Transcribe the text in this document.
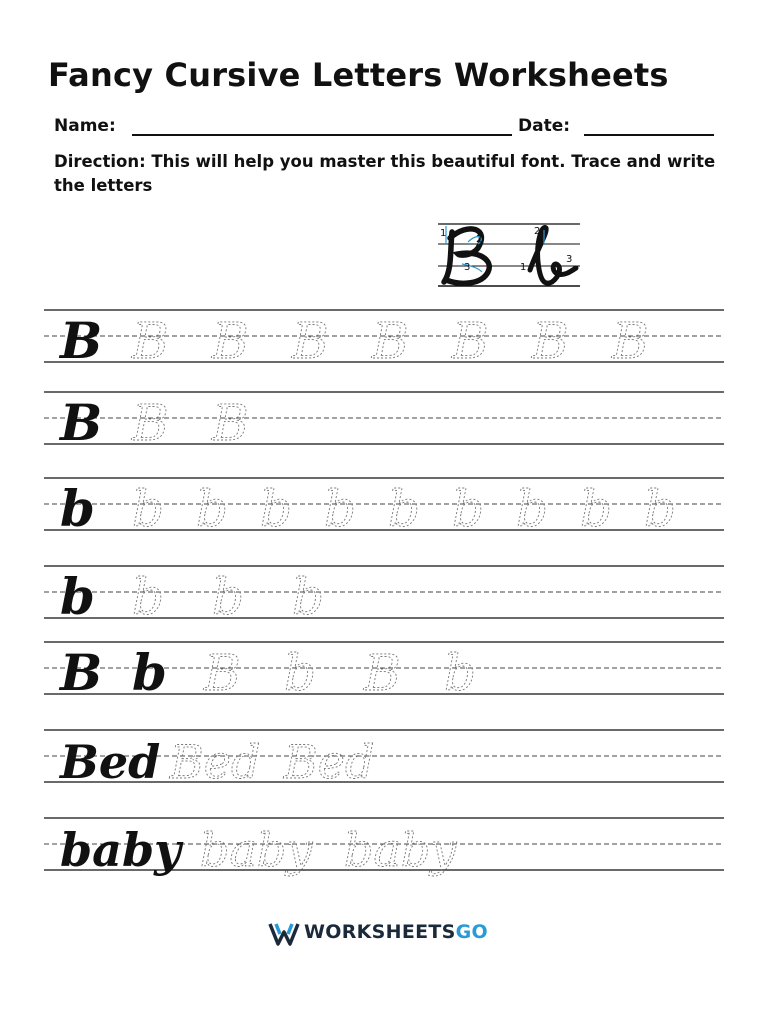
Fancy Cursive Letters Worksheets
Name:	Date:
Direction: This will help you master this beautiful font. Trace and write the letters
1
2
3
2
1
3
B B B B B B B B
B B B
b b b b b b b b b b
b b b b
B b B b B b
Bed Bed Bed
baby baby baby
WORKSHEETSGO
